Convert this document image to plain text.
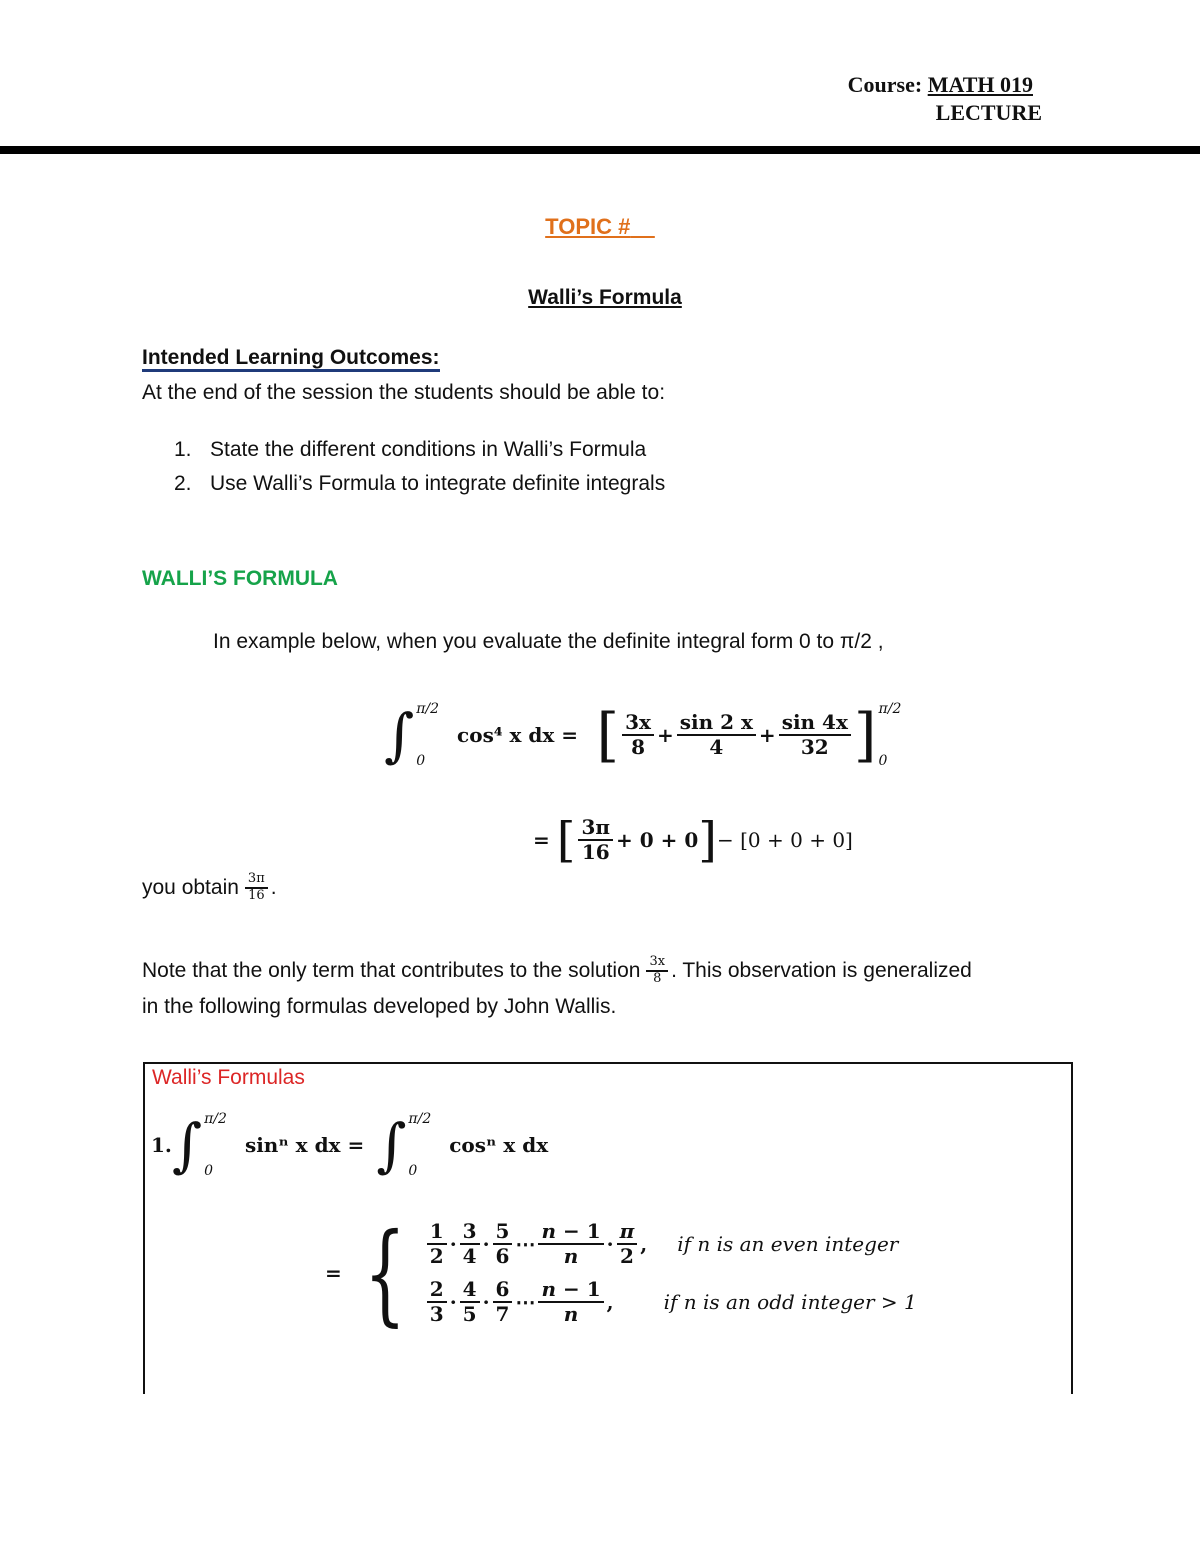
Course: MATH 019
LECTURE
TOPIC #
Walli’s Formula
Intended Learning Outcomes:
At the end of the session the students should be able to:
1. State the different conditions in Walli’s Formula
2. Use Walli’s Formula to integrate definite integrals
WALLI’S FORMULA
In example below, when you evaluate the definite integral form 0 to π/2 ,
∫ π/2
0
cos⁴ x dx = [ $\frac{3x}{8} + \frac{\sin 2 x}{4} + \frac{\sin 4x}{32}$ ] π/2
0
= [ $\frac{3\pi}{16} + 0 + 0$ ] − [0 + 0 + 0]
you obtain $\frac{3\pi}{16}$ .
Note that the only term that contributes to the solution $\frac{3x}{8}$ . This observation is generalized
in the following formulas developed by John Wallis.
Walli’s Formulas
1. ∫ π/2
0
sinⁿ x dx = ∫ π/2
0
cosⁿ x dx
= { $\frac{1}{2} \cdot \frac{3}{4} \cdot \frac{5}{6}$ ⋯ $\frac{n - 1}{n} \cdot \frac{\pi}{2}$ , if n is an even integer
$\frac{2}{3} \cdot \frac{4}{5} \cdot \frac{6}{7}$ ⋯ $\frac{n - 1}{n}$ ,	if n is an odd integer > 1
